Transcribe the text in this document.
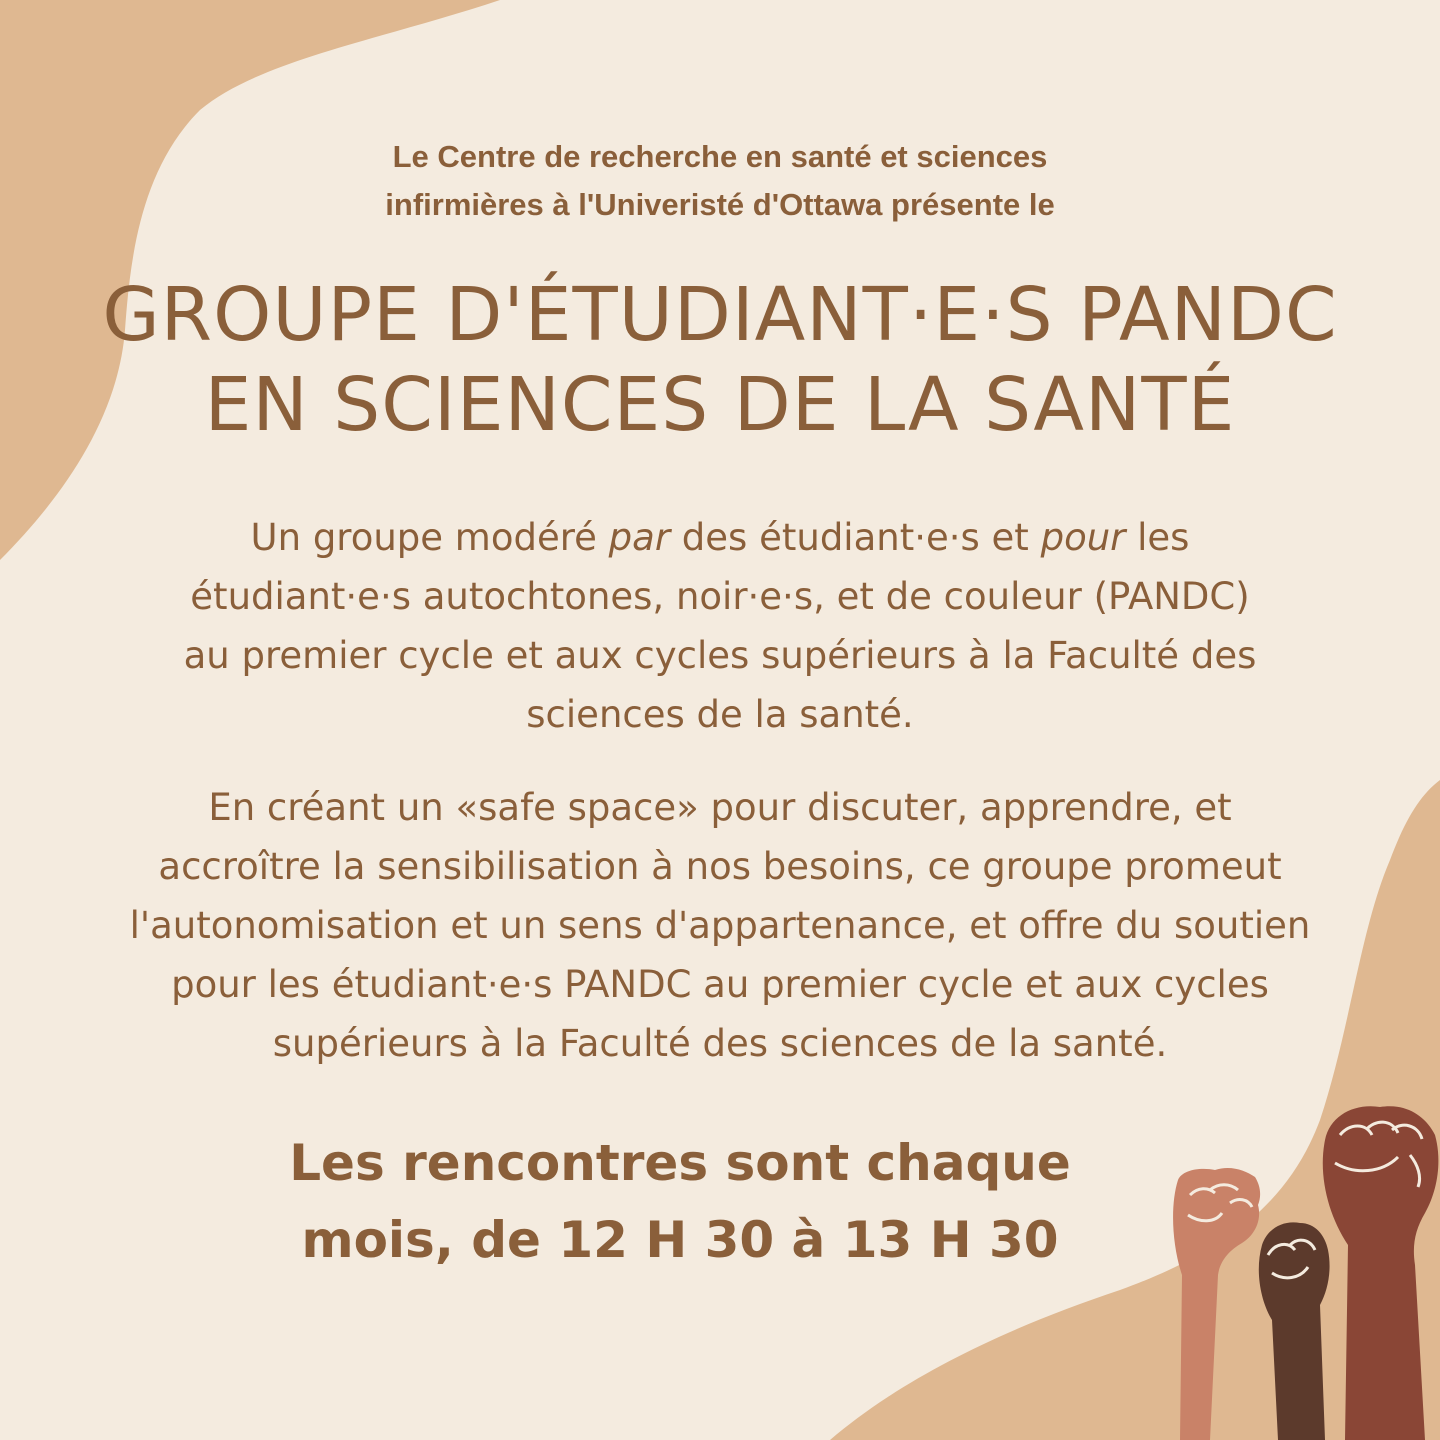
Le Centre de recherche en santé et sciences
infirmières à l'Univeristé d'Ottawa présente le
GROUPE D'ÉTUDIANT·E·S PANDC
EN SCIENCES DE LA SANTÉ
Un groupe modéré par des étudiant·e·s et pour les
étudiant·e·s autochtones, noir·e·s, et de couleur (PANDC)
au premier cycle et aux cycles supérieurs à la Faculté des
sciences de la santé.
En créant un «safe space» pour discuter, apprendre, et
accroître la sensibilisation à nos besoins, ce groupe promeut
l'autonomisation et un sens d'appartenance, et offre du soutien
pour les étudiant·e·s PANDC au premier cycle et aux cycles
supérieurs à la Faculté des sciences de la santé.
Les rencontres sont chaque
mois, de 12 H 30 à 13 H 30
